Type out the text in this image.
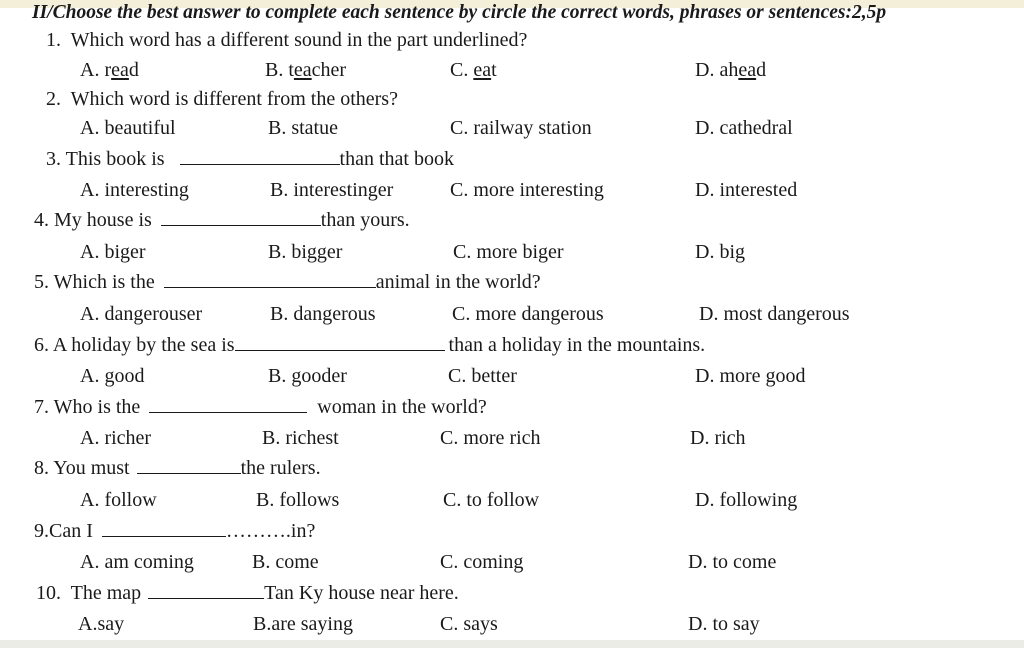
II/Choose the best answer to complete each sentence by circle the correct words, phrases or sentences:2,5p
1. Which word has a different sound in the part underlined?
A. read	B. teacher	C. eat	D. ahead
2. Which word is different from the others?
A. beautiful	B. statue	C. railway station	D. cathedral
3. This book is	than that book
A. interesting	B. interestinger	C. more interesting	D. interested
4. My house is	than yours.
A. biger	B. bigger	C. more biger	D. big
5. Which is the	animal in the world?
A. dangerouser	B. dangerous	C. more dangerous	D. most dangerous
6. A holiday by the sea is	than a holiday in the mountains.
A. good	B. gooder	C. better	D. more good
7. Who is the	woman in the world?
A. richer	B. richest	C. more rich	D. rich
8. You must	the rulers.
A. follow	B. follows	C. to follow	D. following
9.Can I	……….in?
A. am coming	B. come	C. coming	D. to come
10. The map	Tan Ky house near here.
A.say	B.are saying	C. says	D. to say
